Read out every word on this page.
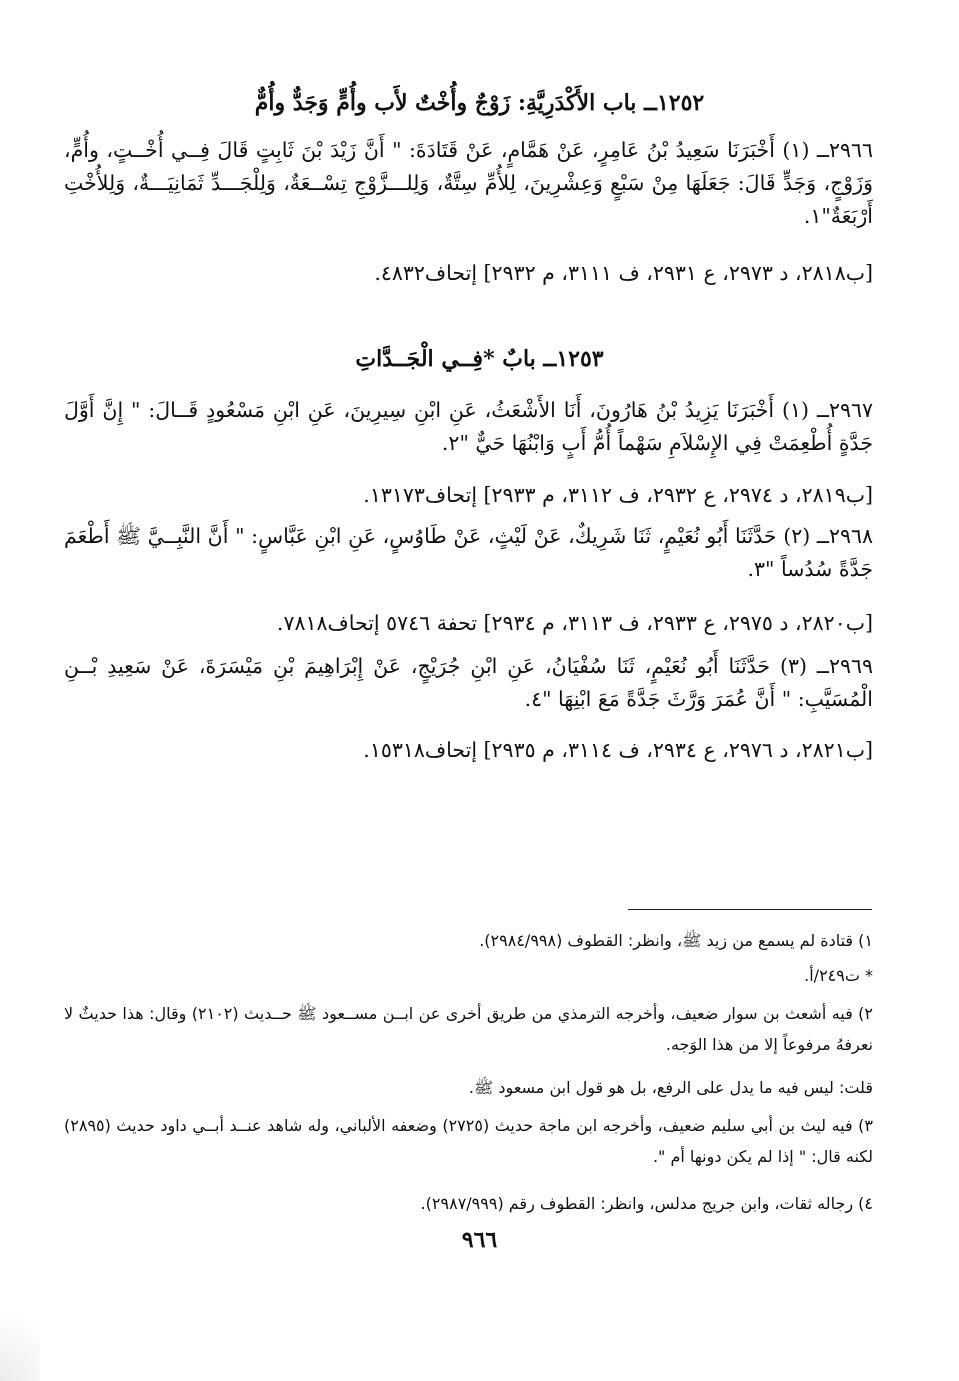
١٢٥٢ــ باب الأَكْدَرِيَّةِ: زَوْجٌ وأُخْتٌ لأَب وأُمٍّ وَجَدٌّ وأُمٌّ
٢٩٦٦ــ (١) أَخْبَرَنَا سَعِيدُ بْنُ عَامِرٍ، عَنْ هَمَّامٍ، عَنْ قَتَادَةَ: " أَنَّ زَيْدَ بْنَ ثَابِتٍ قَالَ فِــي أُخْــتٍ، وأُمٍّ، وَزَوْجٍ، وَجَدٍّ قَالَ: جَعَلَهَا مِنْ سَبْعٍ وَعِشْرِينَ، لِلأُمِّ سِتَّةٌ، وَلِلـــزَّوْجِ تِسْــعَةٌ، وَلِلْجَـــدِّ ثَمَانِيَـــةٌ، وَلِلأُخْتِ أَرْبَعَةٌ"١.
[ب٢٨١٨، د ٢٩٧٣، ع ٢٩٣١، ف ٣١١١، م ٢٩٣٢] إتحاف٤٨٣٢.
١٢٥٣ــ بابٌ *فِــي الْجَــدَّاتِ
٢٩٦٧ــ (١) أَخْبَرَنَا يَزِيدُ بْنُ هَارُونَ، أَنَا الأَشْعَثُ، عَنِ ابْنِ سِيرِينَ، عَنِ ابْنِ مَسْعُودٍ قَــالَ: " إِنَّ أَوَّلَ جَدَّةٍ أُطْعِمَتْ فِي الإِسْلاَمِ سَهْماً أُمُّ أَبٍ وَابْنُهَا حَيٌّ "٢.
[ب٢٨١٩، د ٢٩٧٤، ع ٢٩٣٢، ف ٣١١٢، م ٢٩٣٣] إتحاف١٣١٧٣.
٢٩٦٨ــ (٢) حَدَّثَنَا أَبُو نُعَيْمٍ، ثَنَا شَرِيكٌ، عَنْ لَيْثٍ، عَنْ طَاوُسٍ، عَنِ ابْنِ عَبَّاسٍ: " أَنَّ النَّبِــيَّ ﷺ أَطْعَمَ جَدَّةً سُدُساً "٣.
[ب٢٨٢٠، د ٢٩٧٥، ع ٢٩٣٣، ف ٣١١٣، م ٢٩٣٤] تحفة ٥٧٤٦ إتحاف٧٨١٨.
٢٩٦٩ــ (٣) حَدَّثَنَا أَبُو نُعَيْمٍ، ثَنَا سُفْيَانُ، عَنِ ابْنِ جُرَيْجٍ، عَنْ إِبْرَاهِيمَ بْنِ مَيْسَرَةَ، عَنْ سَعِيدِ بْــنِ الْمُسَيَّبِ: " أَنَّ عُمَرَ وَرَّثَ جَدَّةً مَعَ ابْنِهَا "٤.
[ب٢٨٢١، د ٢٩٧٦، ع ٢٩٣٤، ف ٣١١٤، م ٢٩٣٥] إتحاف١٥٣١٨.
١) قتادة لم يسمع من زيد ﷺ، وانظر: القطوف (٢٩٨٤/٩٩٨).
* ت٢٤٩/أ.
٢) فيه أشعث بن سوار ضعيف، وأخرجه الترمذي من طريق أخرى عن ابــن مســعود ﷺ حــديث (٢١٠٢) وقال: هذا حديثٌ لا نعرفهُ مرفوعاً إلا من هذا الوَجه.
قلت: ليس فيه ما يدل على الرفع، بل هو قول ابن مسعود ﷺ.
٣) فيه ليث بن أبي سليم ضعيف، وأخرجه ابن ماجة حديث (٢٧٢٥) وضعفه الألباني، وله شاهد عنــد أبــي داود حديث (٢٨٩٥) لكنه قال: " إذا لم يكن دونها أم ".
٤) رجاله ثقات، وابن جريج مدلس، وانظر: القطوف رقم (٢٩٨٧/٩٩٩).
٩٦٦
